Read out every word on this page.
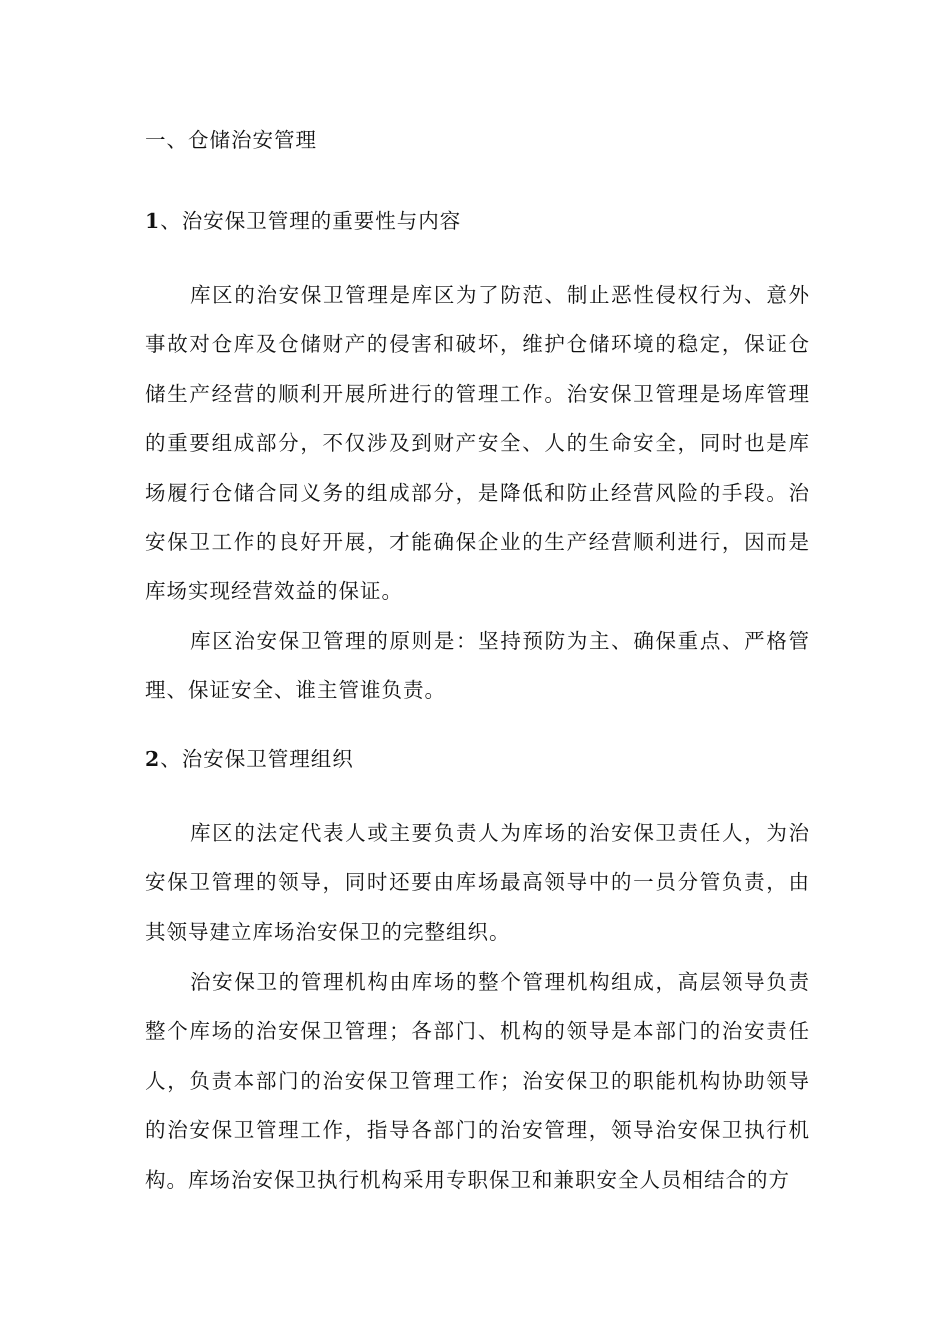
一、仓储治安管理
1、治安保卫管理的重要性与内容
库区的治安保卫管理是库区为了防范、制止恶性侵权行为、意外事故对仓库及仓储财产的侵害和破坏，维护仓储环境的稳定，保证仓储生产经营的顺利开展所进行的管理工作。治安保卫管理是场库管理的重要组成部分，不仅涉及到财产安全、人的生命安全，同时也是库场履行仓储合同义务的组成部分，是降低和防止经营风险的手段。治安保卫工作的良好开展，才能确保企业的生产经营顺利进行，因而是库场实现经营效益的保证。
库区治安保卫管理的原则是：坚持预防为主、确保重点、严格管理、保证安全、谁主管谁负责。
2、治安保卫管理组织
库区的法定代表人或主要负责人为库场的治安保卫责任人，为治安保卫管理的领导，同时还要由库场最高领导中的一员分管负责，由其领导建立库场治安保卫的完整组织。
治安保卫的管理机构由库场的整个管理机构组成，高层领导负责整个库场的治安保卫管理；各部门、机构的领导是本部门的治安责任人，负责本部门的治安保卫管理工作；治安保卫的职能机构协助领导的治安保卫管理工作，指导各部门的治安管理，领导治安保卫执行机构。库场治安保卫执行机构采用专职保卫和兼职安全人员相结合的方
